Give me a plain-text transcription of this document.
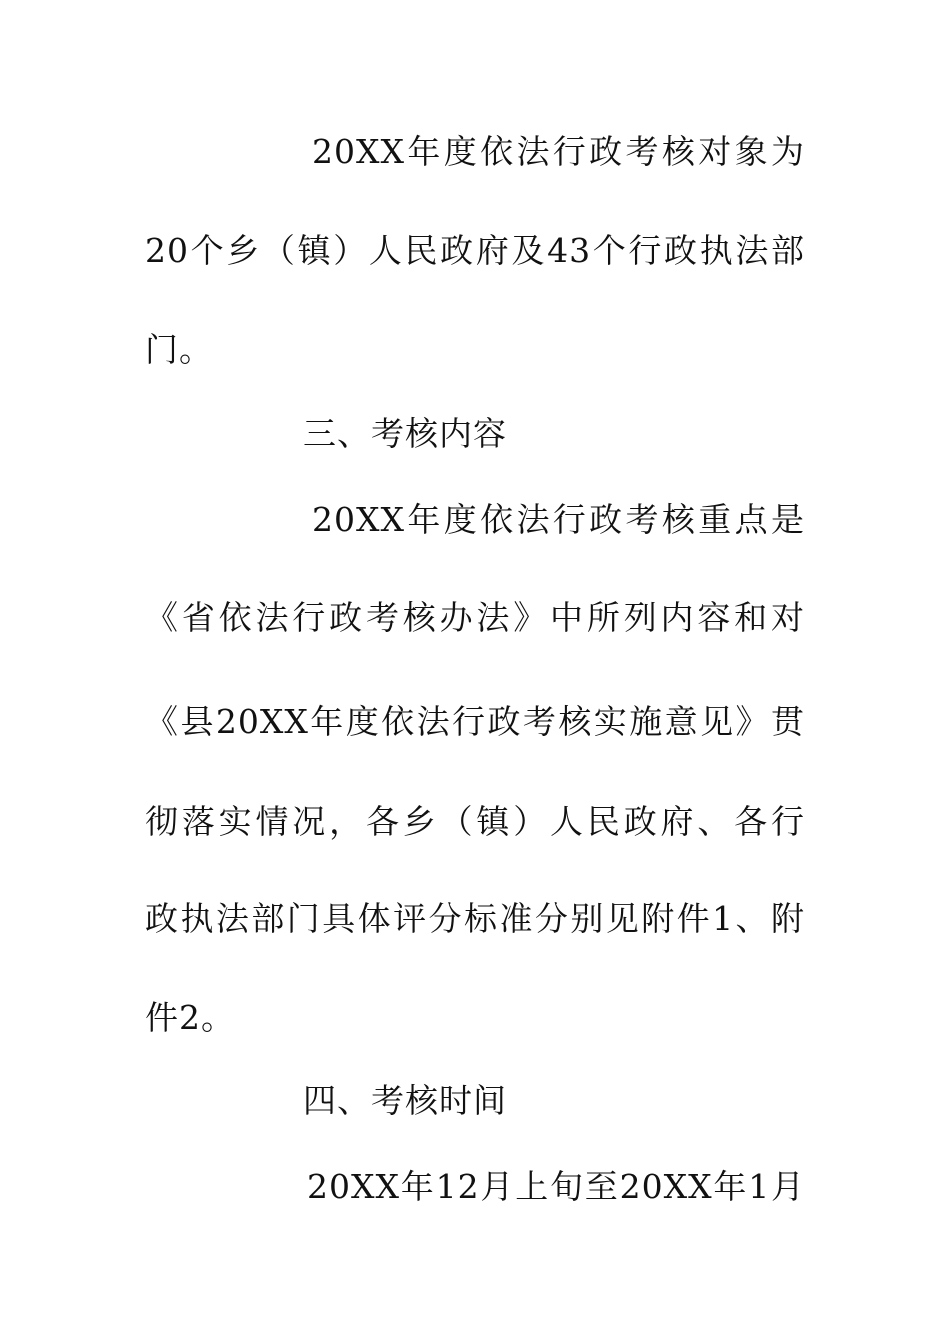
20XX年度依法行政考核对象为
20个乡（镇）人民政府及43个行政执法部
门。
三、考核内容
20XX年度依法行政考核重点是
《省依法行政考核办法》中所列内容和对
《县20XX年度依法行政考核实施意见》贯
彻落实情况，各乡（镇）人民政府、各行
政执法部门具体评分标准分别见附件1、附
件2。
四、考核时间
20XX年12月上旬至20XX年1月
